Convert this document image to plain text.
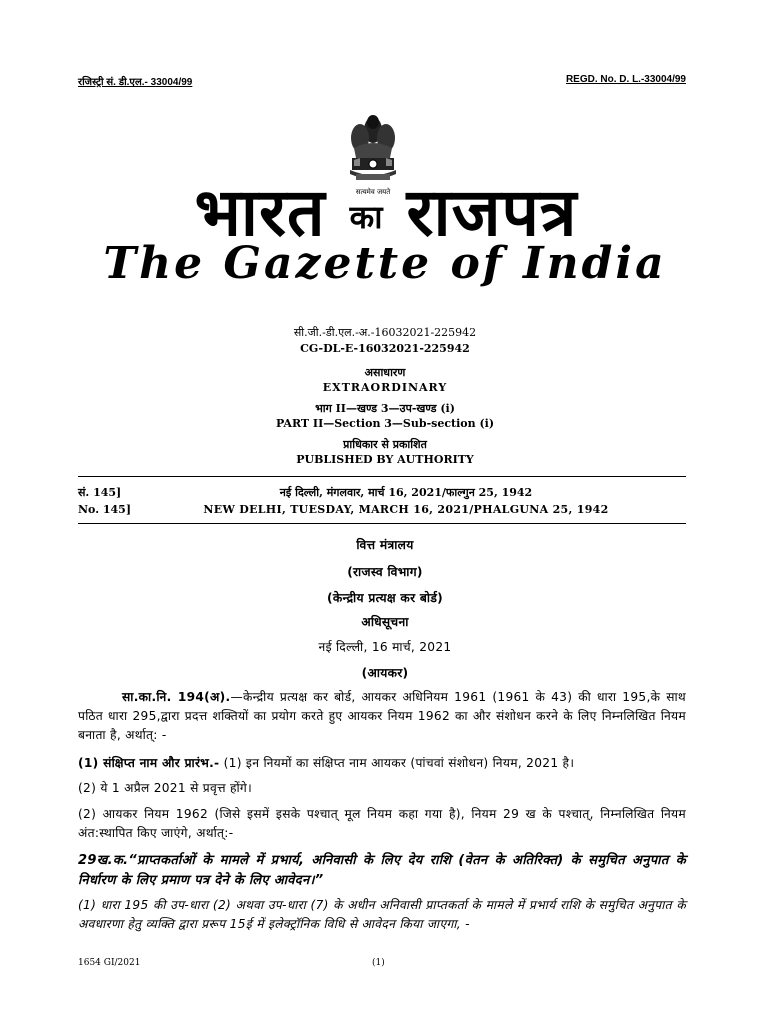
रजिस्ट्री सं. डी.एल.- 33004/99	REGD. No. D. L.-33004/99
सत्यमेव जयते
भारत का राजपत्र
The Gazette of India
सी.जी.-डी.एल.-अ.-16032021-225942
CG-DL-E-16032021-225942
असाधारण
EXTRAORDINARY
भाग II—खण्ड 3—उप-खण्ड (i)
PART II—Section 3—Sub-section (i)
प्राधिकार से प्रकाशित
PUBLISHED BY AUTHORITY
सं. 145]
No. 145]
नई दिल्ली, मंगलवार, मार्च 16, 2021/फाल्गुन 25, 1942
NEW DELHI, TUESDAY, MARCH 16, 2021/PHALGUNA 25, 1942
वित्त मंत्रालय
(राजस्व विभाग)
(केन्द्रीय प्रत्यक्ष कर बोर्ड)
अधिसूचना
नई दिल्ली, 16 मार्च, 2021
(आयकर)
सा.का.नि. 194(अ).—केन्द्रीय प्रत्यक्ष कर बोर्ड, आयकर अधिनियम 1961 (1961 के 43) की धारा 195,के साथ पठित धारा 295,द्वारा प्रदत्त शक्तियों का प्रयोग करते हुए आयकर नियम 1962 का और संशोधन करने के लिए निम्नलिखित नियम बनाता है, अर्थात्: -
(1) संक्षिप्त नाम और प्रारंभ.- (1) इन नियमों का संक्षिप्त नाम आयकर (पांचवां संशोधन) नियम, 2021 है।
(2) ये 1 अप्रैल 2021 से प्रवृत्त होंगे।
(2) आयकर नियम 1962 (जिसे इसमें इसके पश्चात् मूल नियम कहा गया है), नियम 29 ख के पश्चात्, निम्नलिखित नियम अंत:स्थापित किए जाएंगे, अर्थात्:-
29ख.क.“प्राप्तकर्ताओं के मामले में प्रभार्य, अनिवासी के लिए देय राशि (वेतन के अतिरिक्त) के समुचित अनुपात के निर्धारण के लिए प्रमाण पत्र देने के लिए आवेदन।”
(1) धारा 195 की उप-धारा (2) अथवा उप-धारा (7) के अधीन अनिवासी प्राप्तकर्ता के मामले में प्रभार्य राशि के समुचित अनुपात के अवधारणा हेतु व्यक्ति द्वारा प्ररूप 15ई में इलेक्ट्रॉनिक विधि से आवेदन किया जाएगा, -
1654 GI/2021	(1)
